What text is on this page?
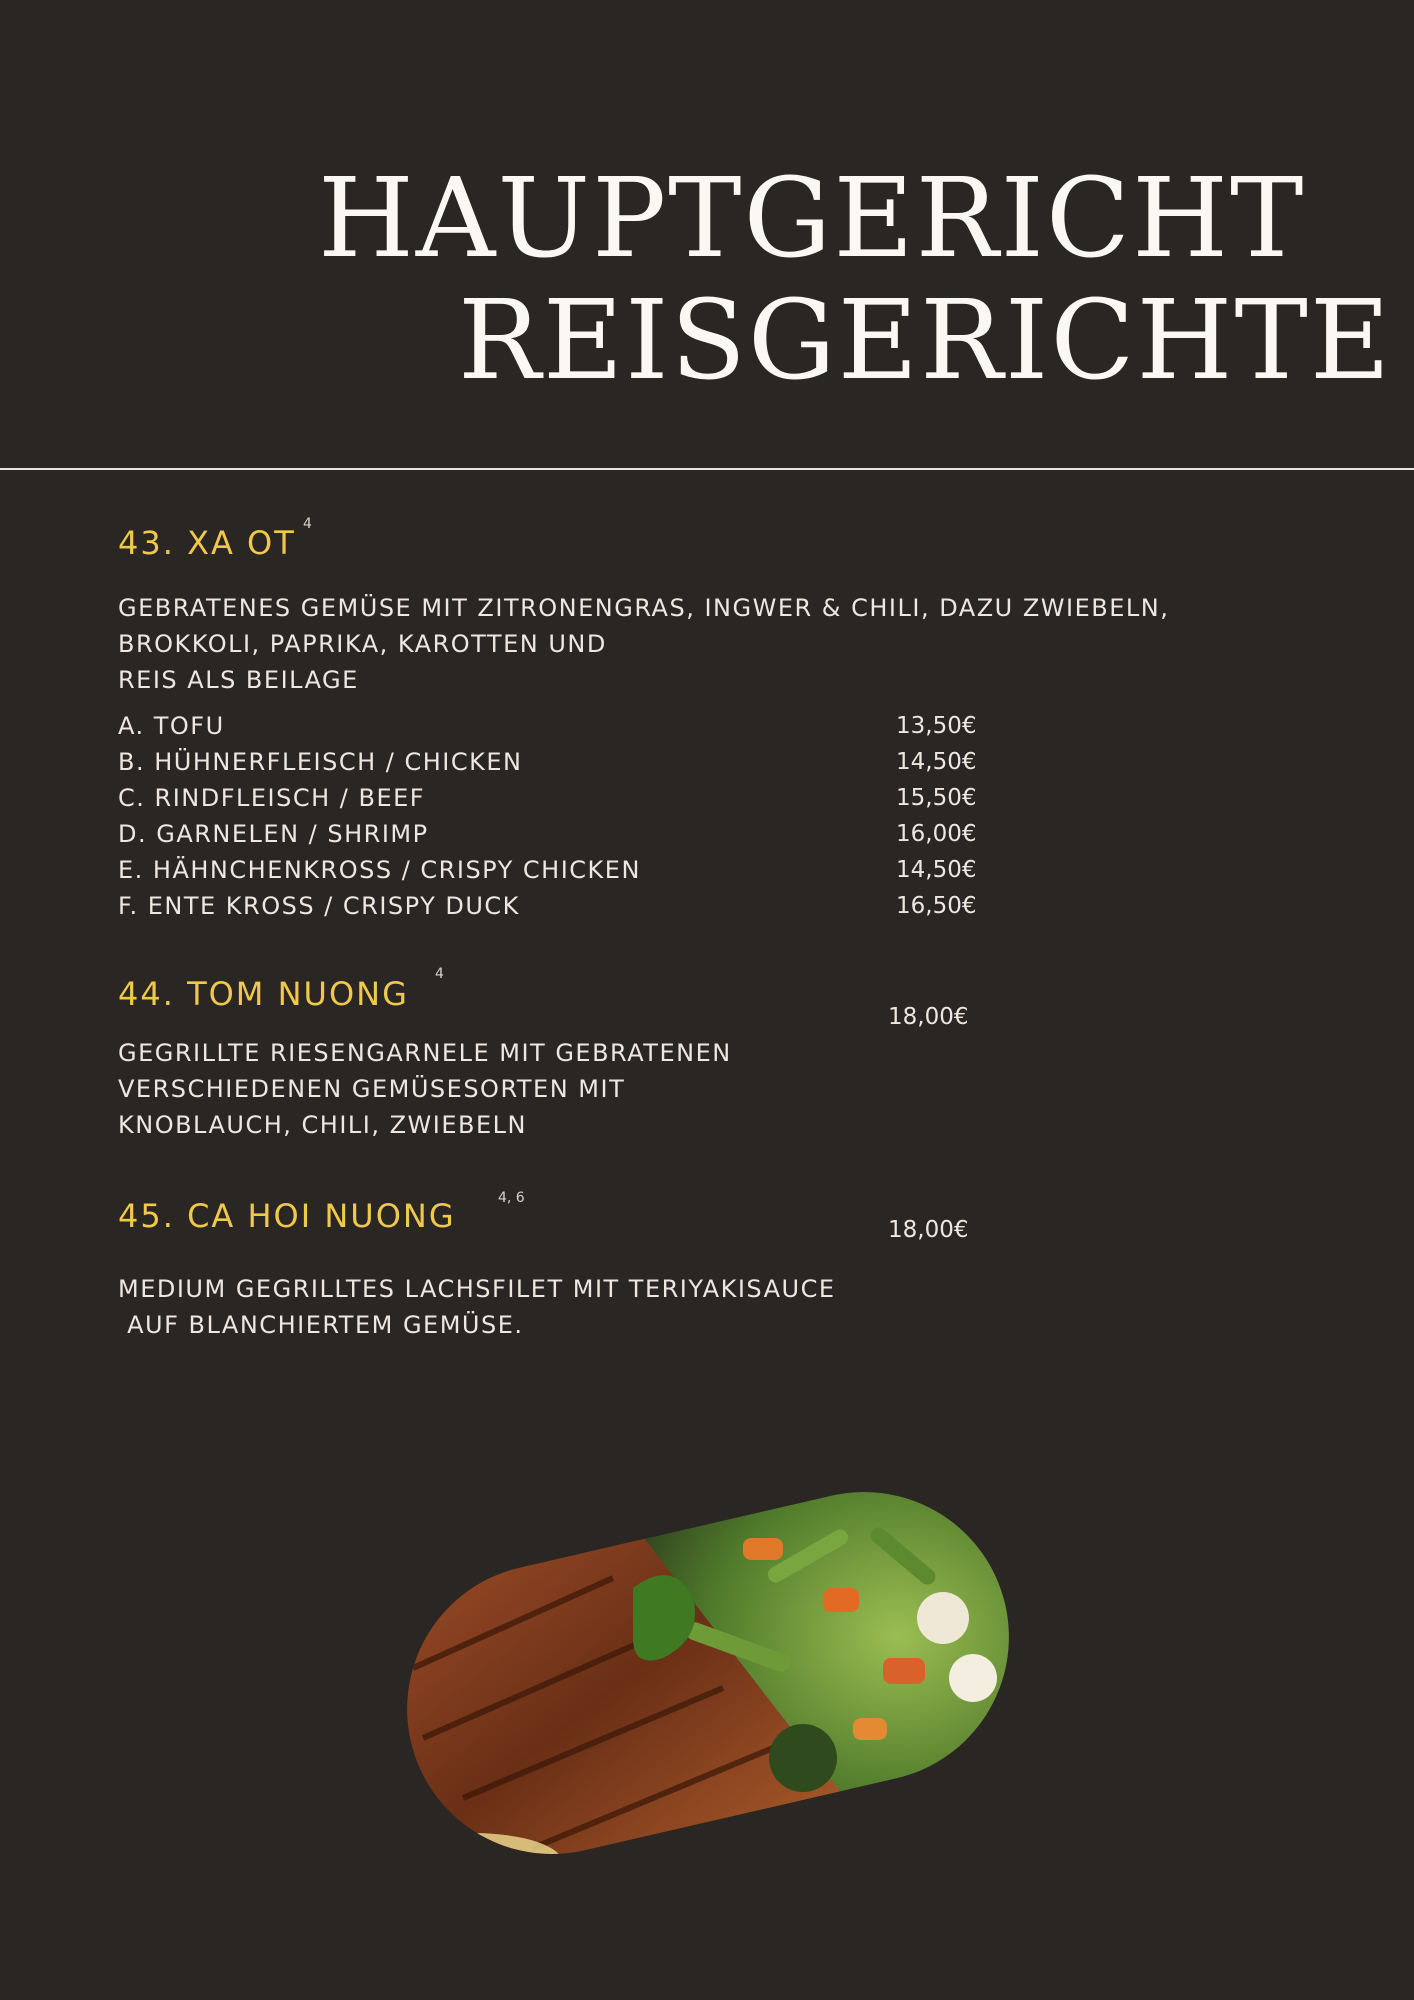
HAUPTGERICHT
REISGERICHTE
43. XA OT 4
GEBRATENES GEMÜSE MIT ZITRONENGRAS, INGWER & CHILI, DAZU ZWIEBELN,
BROKKOLI, PAPRIKA, KAROTTEN UND
REIS ALS BEILAGE
A. TOFU	13,50€
B. HÜHNERFLEISCH / CHICKEN	14,50€
C. RINDFLEISCH / BEEF	15,50€
D. GARNELEN / SHRIMP	16,00€
E. HÄHNCHENKROSS / CRISPY CHICKEN	14,50€
F. ENTE KROSS / CRISPY DUCK	16,50€
44. TOM NUONG
4
18,00€
GEGRILLTE RIESENGARNELE MIT GEBRATENEN
VERSCHIEDENEN GEMÜSESORTEN MIT
KNOBLAUCH, CHILI, ZWIEBELN
45. CA HOI NUONG	4, 6
18,00€
MEDIUM GEGRILLTES LACHSFILET MIT TERIYAKISAUCE
AUF BLANCHIERTEM GEMÜSE.
